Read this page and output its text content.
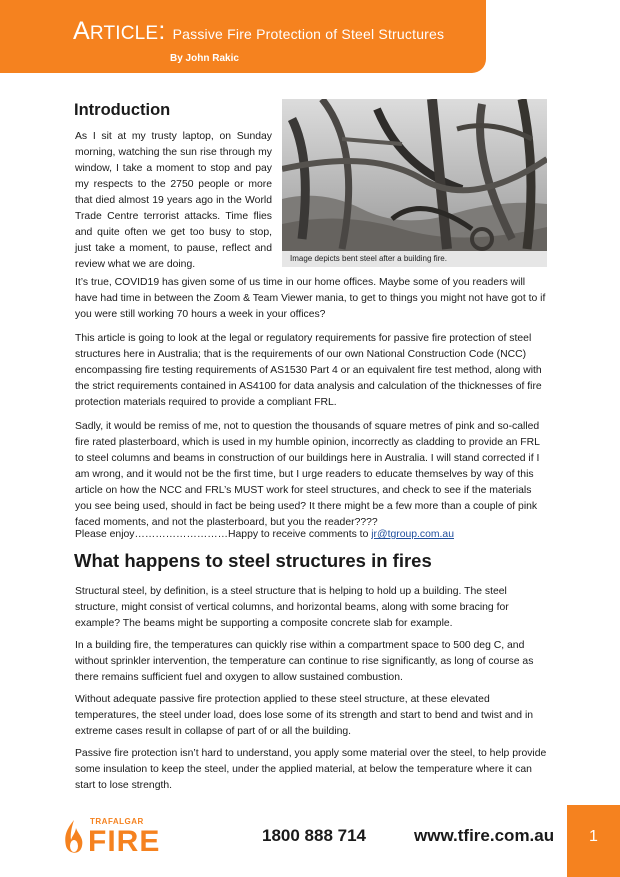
ARTICLE: Passive Fire Protection of Steel Structures
By John Rakic
Introduction

As I sit at my trusty laptop, on Sunday morning, watching the sun rise through my window, I take a moment to stop and pay my respects to the 2750 people or more that died almost 19 years ago in the World Trade Centre terrorist attacks. Time flies and quite often we get too busy to stop, just take a moment, to pause, reflect and review what we are doing.

Image depicts bent steel after a building fire.

It’s true, COVID19 has given some of us time in our home offices. Maybe some of you readers will have had time in between the Zoom & Team Viewer mania, to get to things you might not have got to if you were still working 70 hours a week in your offices?

This article is going to look at the legal or regulatory requirements for passive fire protection of steel structures here in Australia; that is the requirements of our own National Construction Code (NCC) encompassing fire testing requirements of AS1530 Part 4 or an equivalent fire test method, along with the strict requirements contained in AS4100 for data analysis and calculation of the thicknesses of fire protection materials required to provide a compliant FRL.

Sadly, it would be remiss of me, not to question the thousands of square metres of pink and so-called fire rated plasterboard, which is used in my humble opinion, incorrectly as cladding to provide an FRL to steel columns and beams in construction of our buildings here in Australia. I will stand corrected if I am wrong, and it would not be the first time, but I urge readers to educate themselves by way of this article on how the NCC and FRL’s MUST work for steel structures, and check to see if the materials you see being used, should in fact be being used? It there might be a few more than a couple of pink faced moments, and not the plasterboard, but you the reader????

Please enjoy………………………Happy to receive comments to jr@tgroup.com.au

What happens to steel structures in fires

Structural steel, by definition, is a steel structure that is helping to hold up a building. The steel structure, might consist of vertical columns, and horizontal beams, along with some bracing for example? The beams might be supporting a composite concrete slab for example.

In a building fire, the temperatures can quickly rise within a compartment space to 500 deg C, and without sprinkler intervention, the temperature can continue to rise significantly, as long of course as there remains sufficient fuel and oxygen to allow sustained combustion.

Without adequate passive fire protection applied to these steel structure, at these elevated temperatures, the steel under load, does lose some of its strength and start to bend and twist and in extreme cases result in collapse of part of or all the building.

Passive fire protection isn’t hard to understand, you apply some material over the steel, to help provide some insulation to keep the steel, under the applied material, at below the temperature where it can start to lose strength.

TRAFALGAR
FIRE	1800 888 714	www.tfire.com.au	1
